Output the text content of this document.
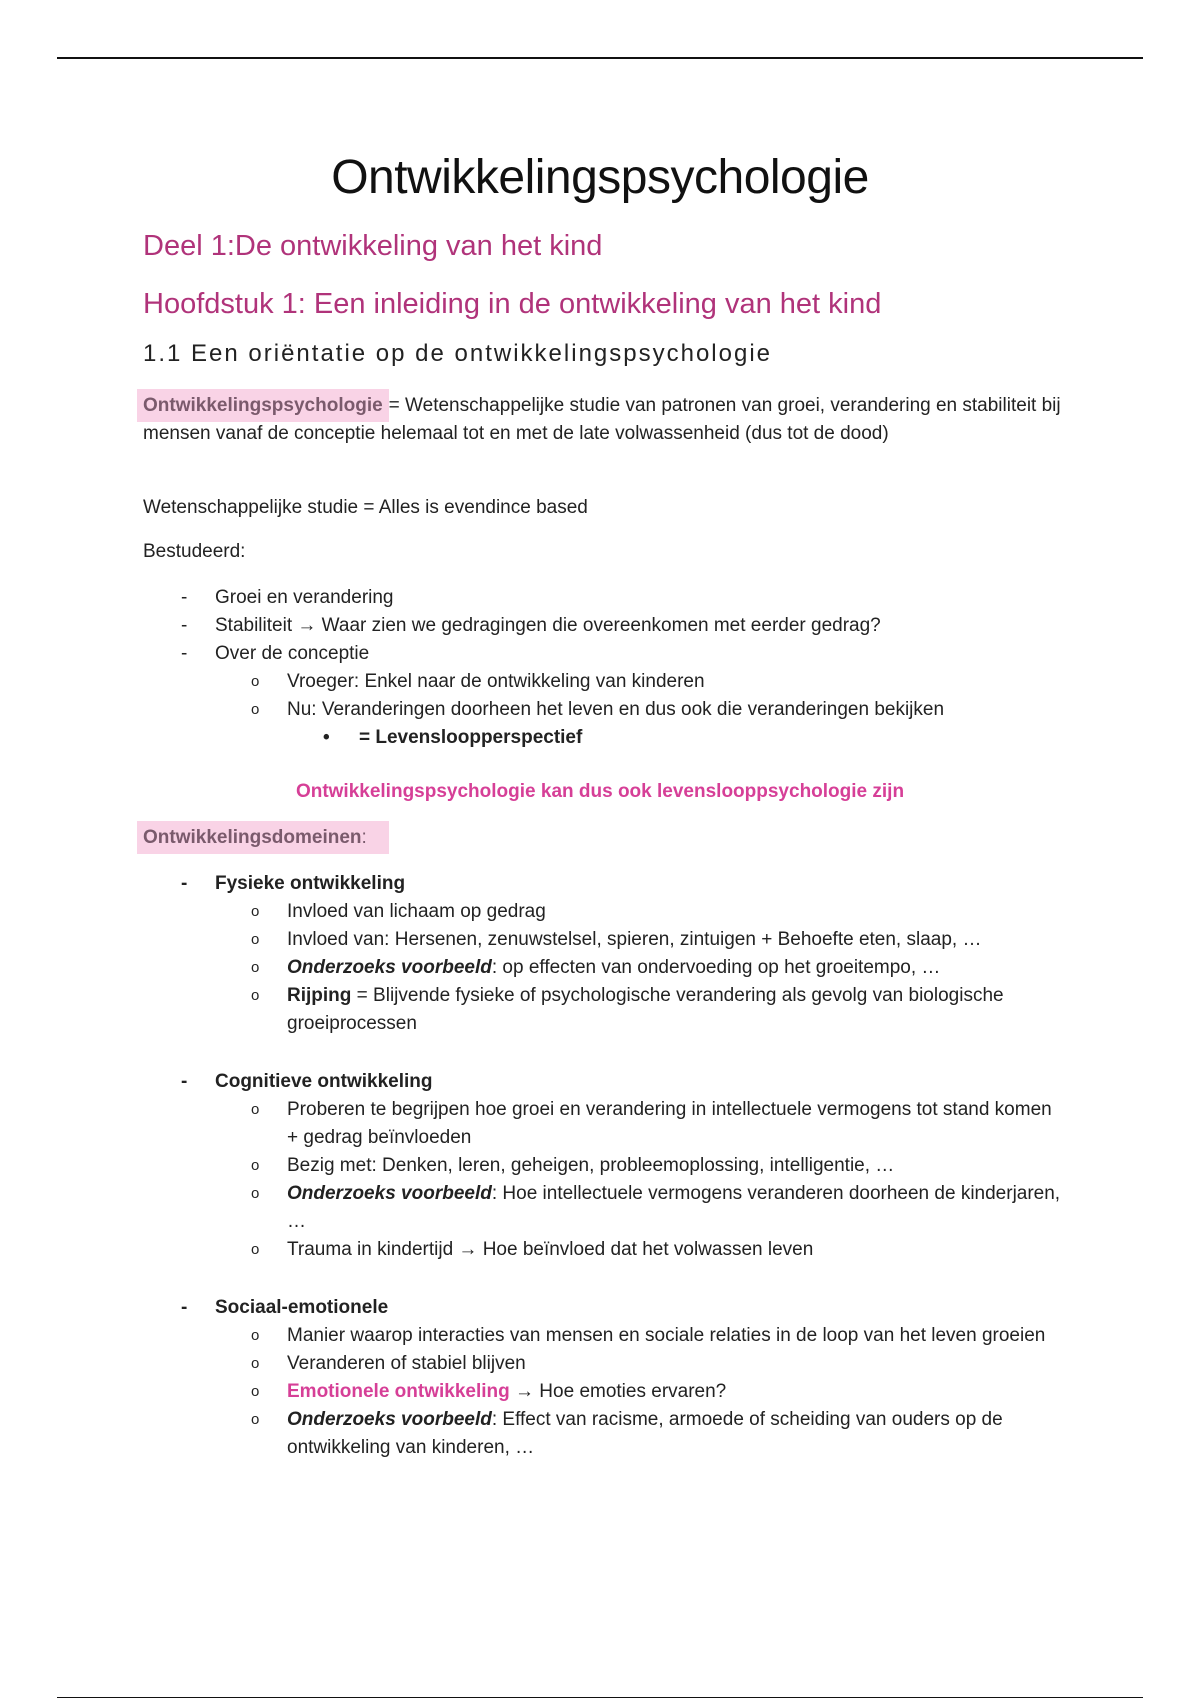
Ontwikkelingspsychologie
Deel 1:De ontwikkeling van het kind
Hoofdstuk 1: Een inleiding in de ontwikkeling van het kind
1.1 Een oriëntatie op de ontwikkelingspsychologie

Ontwikkelingspsychologie = Wetenschappelijke studie van patronen van groei, verandering en stabiliteit bij mensen vanaf de conceptie helemaal tot en met de late volwassenheid (dus tot de dood)

Wetenschappelijke studie = Alles is evendince based

Bestudeerd:

- Groei en verandering
- Stabiliteit → Waar zien we gedragingen die overeenkomen met eerder gedrag?
- Over de conceptie
o Vroeger: Enkel naar de ontwikkeling van kinderen
o Nu: Veranderingen doorheen het leven en dus ook die veranderingen bekijken
• = Levensloopperspectief

Ontwikkelingspsychologie kan dus ook levenslooppsychologie zijn

Ontwikkelingsdomeinen:

- Fysieke ontwikkeling
o Invloed van lichaam op gedrag
o Invloed van: Hersenen, zenuwstelsel, spieren, zintuigen + Behoefte eten, slaap, …
o Onderzoeks voorbeeld: op effecten van ondervoeding op het groeitempo, …
o Rijping = Blijvende fysieke of psychologische verandering als gevolg van biologische groeiprocessen
- Cognitieve ontwikkeling
o Proberen te begrijpen hoe groei en verandering in intellectuele vermogens tot stand komen + gedrag beïnvloeden
o Bezig met: Denken, leren, geheigen, probleemoplossing, intelligentie, …
o Onderzoeks voorbeeld: Hoe intellectuele vermogens veranderen doorheen de kinderjaren, …
o Trauma in kindertijd → Hoe beïnvloed dat het volwassen leven
- Sociaal-emotionele
o Manier waarop interacties van mensen en sociale relaties in de loop van het leven groeien
o Veranderen of stabiel blijven
o Emotionele ontwikkeling → Hoe emoties ervaren?
o Onderzoeks voorbeeld: Effect van racisme, armoede of scheiding van ouders op de ontwikkeling van kinderen, …
